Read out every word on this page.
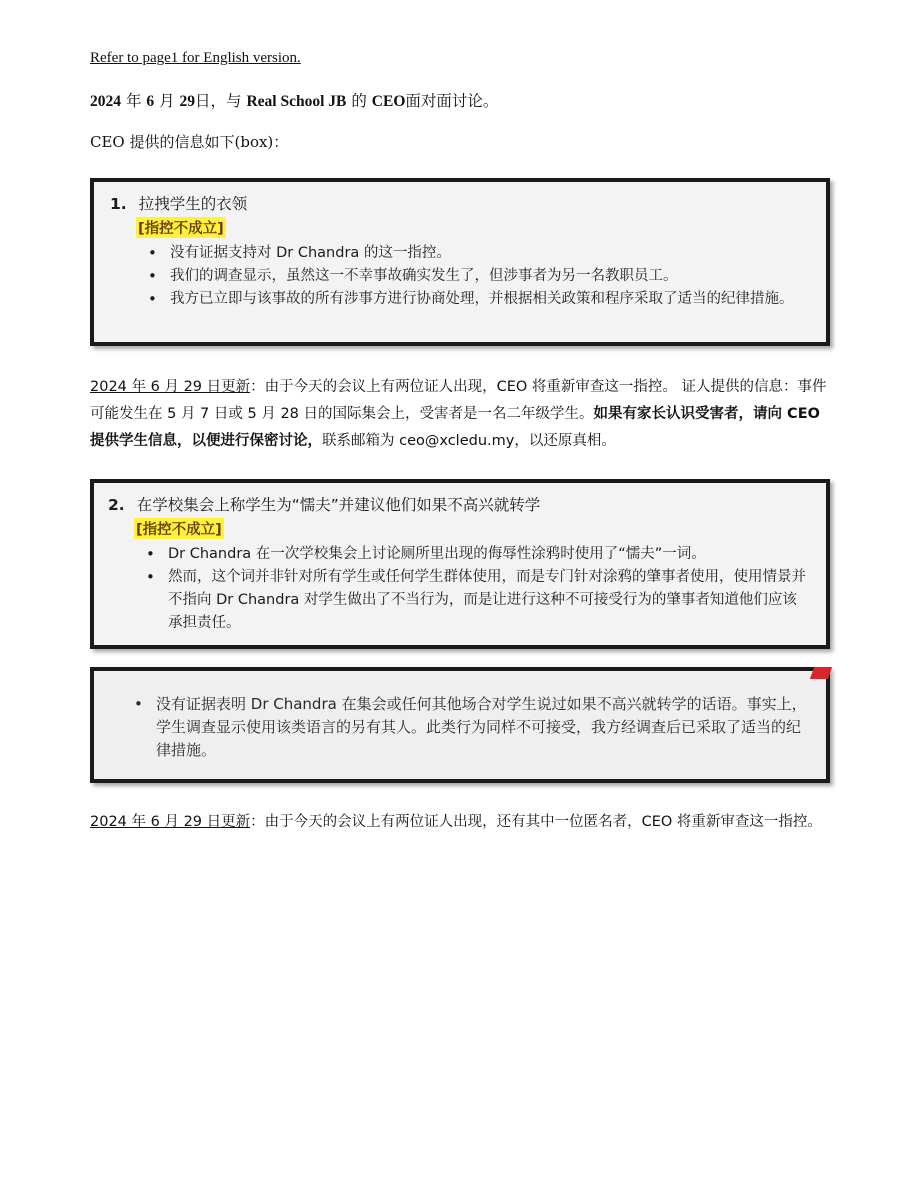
Refer to page1 for English version.

2024 年 6 月 29日，与 Real School JB 的 CEO面对面讨论。

CEO 提供的信息如下(box)：

1. 拉拽学生的衣领
[指控不成立]
• 没有证据支持对 Dr Chandra 的这一指控。
• 我们的调查显示，虽然这一不幸事故确实发生了，但涉事者为另一名教职员工。
• 我方已立即与该事故的所有涉事方进行协商处理，并根据相关政策和程序采取了适当的纪律措施。

2024 年 6 月 29 日更新：由于今天的会议上有两位证人出现，CEO 将重新审查这一指控。 证人提供的信息：事件可能发生在 5 月 7 日或 5 月 28 日的国际集会上，受害者是一名二年级学生。如果有家长认识受害者，请向 CEO 提供学生信息，以便进行保密讨论，联系邮箱为 ceo@xcledu.my，以还原真相。

2. 在学校集会上称学生为“懦夫”并建议他们如果不高兴就转学
[指控不成立]
• Dr Chandra 在一次学校集会上讨论厕所里出现的侮辱性涂鸦时使用了“懦夫”一词。
• 然而，这个词并非针对所有学生或任何学生群体使用，而是专门针对涂鸦的肇事者使用，使用情景并不指向 Dr Chandra 对学生做出了不当行为，而是让进行这种不可接受行为的肇事者知道他们应该承担责任。
• 没有证据表明 Dr Chandra 在集会或任何其他场合对学生说过如果不高兴就转学的话语。事实上，学生调查显示使用该类语言的另有其人。此类行为同样不可接受，我方经调查后已采取了适当的纪律措施。

2024 年 6 月 29 日更新：由于今天的会议上有两位证人出现，还有其中一位匿名者，CEO 将重新审查这一指控。
